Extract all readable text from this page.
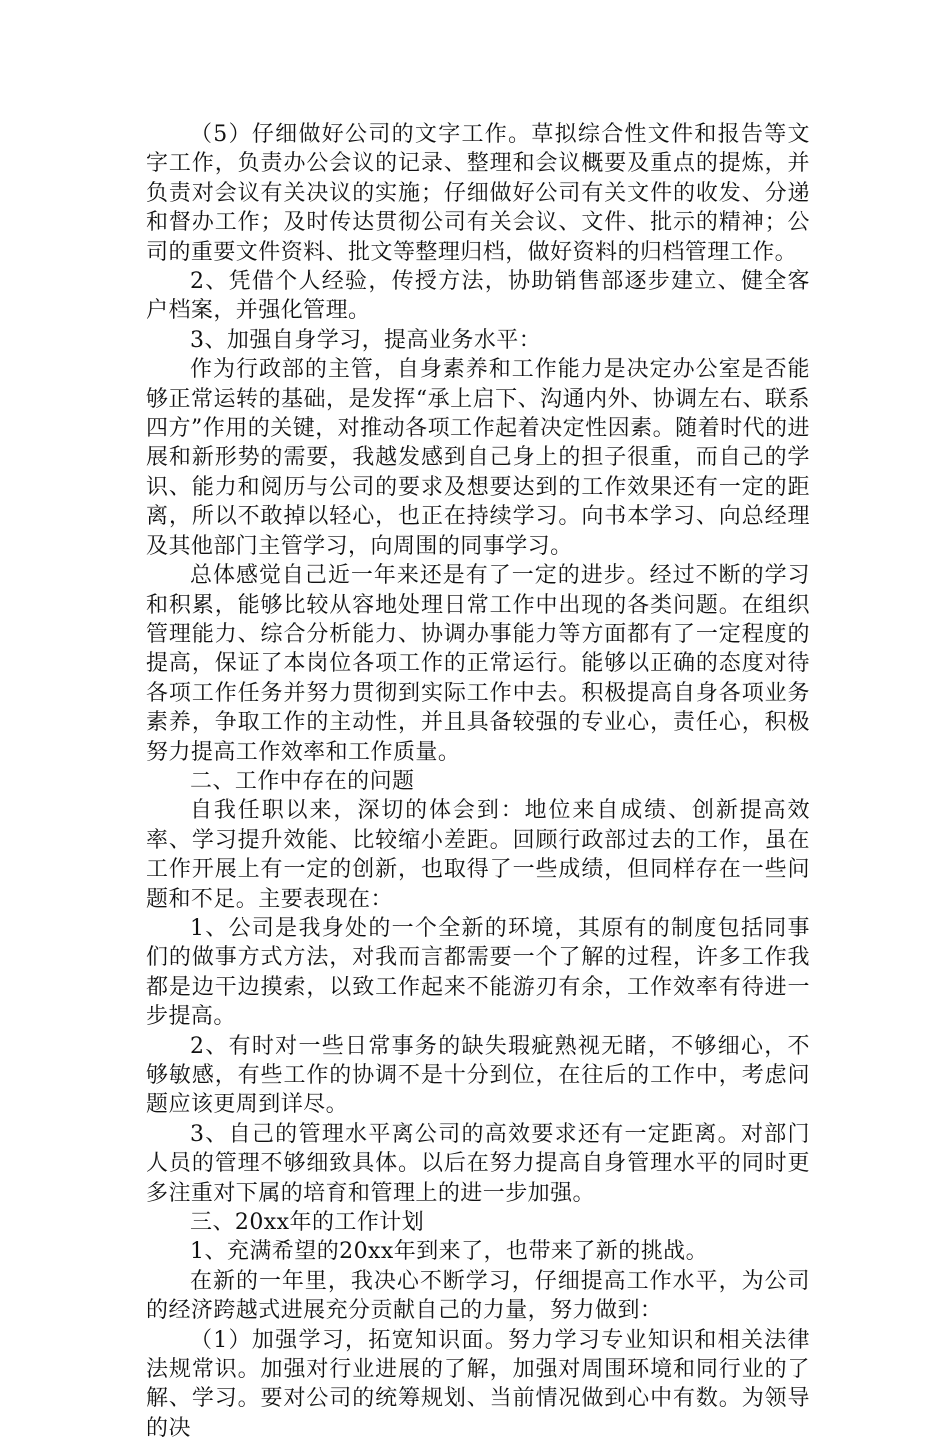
（5）仔细做好公司的文字工作。草拟综合性文件和报告等文字工作，负责办公会议的记录、整理和会议概要及重点的提炼，并负责对会议有关决议的实施；仔细做好公司有关文件的收发、分递和督办工作；及时传达贯彻公司有关会议、文件、批示的精神；公司的重要文件资料、批文等整理归档，做好资料的归档管理工作。

2、凭借个人经验，传授方法，协助销售部逐步建立、健全客户档案，并强化管理。

3、加强自身学习，提高业务水平：

作为行政部的主管，自身素养和工作能力是决定办公室是否能够正常运转的基础，是发挥“承上启下、沟通内外、协调左右、联系四方”作用的关键，对推动各项工作起着决定性因素。随着时代的进展和新形势的需要，我越发感到自己身上的担子很重，而自己的学识、能力和阅历与公司的要求及想要达到的工作效果还有一定的距离，所以不敢掉以轻心，也正在持续学习。向书本学习、向总经理及其他部门主管学习，向周围的同事学习。

总体感觉自己近一年来还是有了一定的进步。经过不断的学习和积累，能够比较从容地处理日常工作中出现的各类问题。在组织管理能力、综合分析能力、协调办事能力等方面都有了一定程度的提高，保证了本岗位各项工作的正常运行。能够以正确的态度对待各项工作任务并努力贯彻到实际工作中去。积极提高自身各项业务素养，争取工作的主动性，并且具备较强的专业心，责任心，积极努力提高工作效率和工作质量。

二、工作中存在的问题

自我任职以来，深切的体会到：地位来自成绩、创新提高效率、学习提升效能、比较缩小差距。回顾行政部过去的工作，虽在工作开展上有一定的创新，也取得了一些成绩，但同样存在一些问题和不足。主要表现在：

1、公司是我身处的一个全新的环境，其原有的制度包括同事们的做事方式方法，对我而言都需要一个了解的过程，许多工作我都是边干边摸索，以致工作起来不能游刃有余，工作效率有待进一步提高。

2、有时对一些日常事务的缺失瑕疵熟视无睹，不够细心，不够敏感，有些工作的协调不是十分到位，在往后的工作中，考虑问题应该更周到详尽。

3、自己的管理水平离公司的高效要求还有一定距离。对部门人员的管理不够细致具体。以后在努力提高自身管理水平的同时更多注重对下属的培育和管理上的进一步加强。

三、20xx年的工作计划

1、充满希望的20xx年到来了，也带来了新的挑战。

在新的一年里，我决心不断学习，仔细提高工作水平，为公司的经济跨越式进展充分贡献自己的力量，努力做到：

（1）加强学习，拓宽知识面。努力学习专业知识和相关法律法规常识。加强对行业进展的了解，加强对周围环境和同行业的了解、学习。要对公司的统筹规划、当前情况做到心中有数。为领导的决
